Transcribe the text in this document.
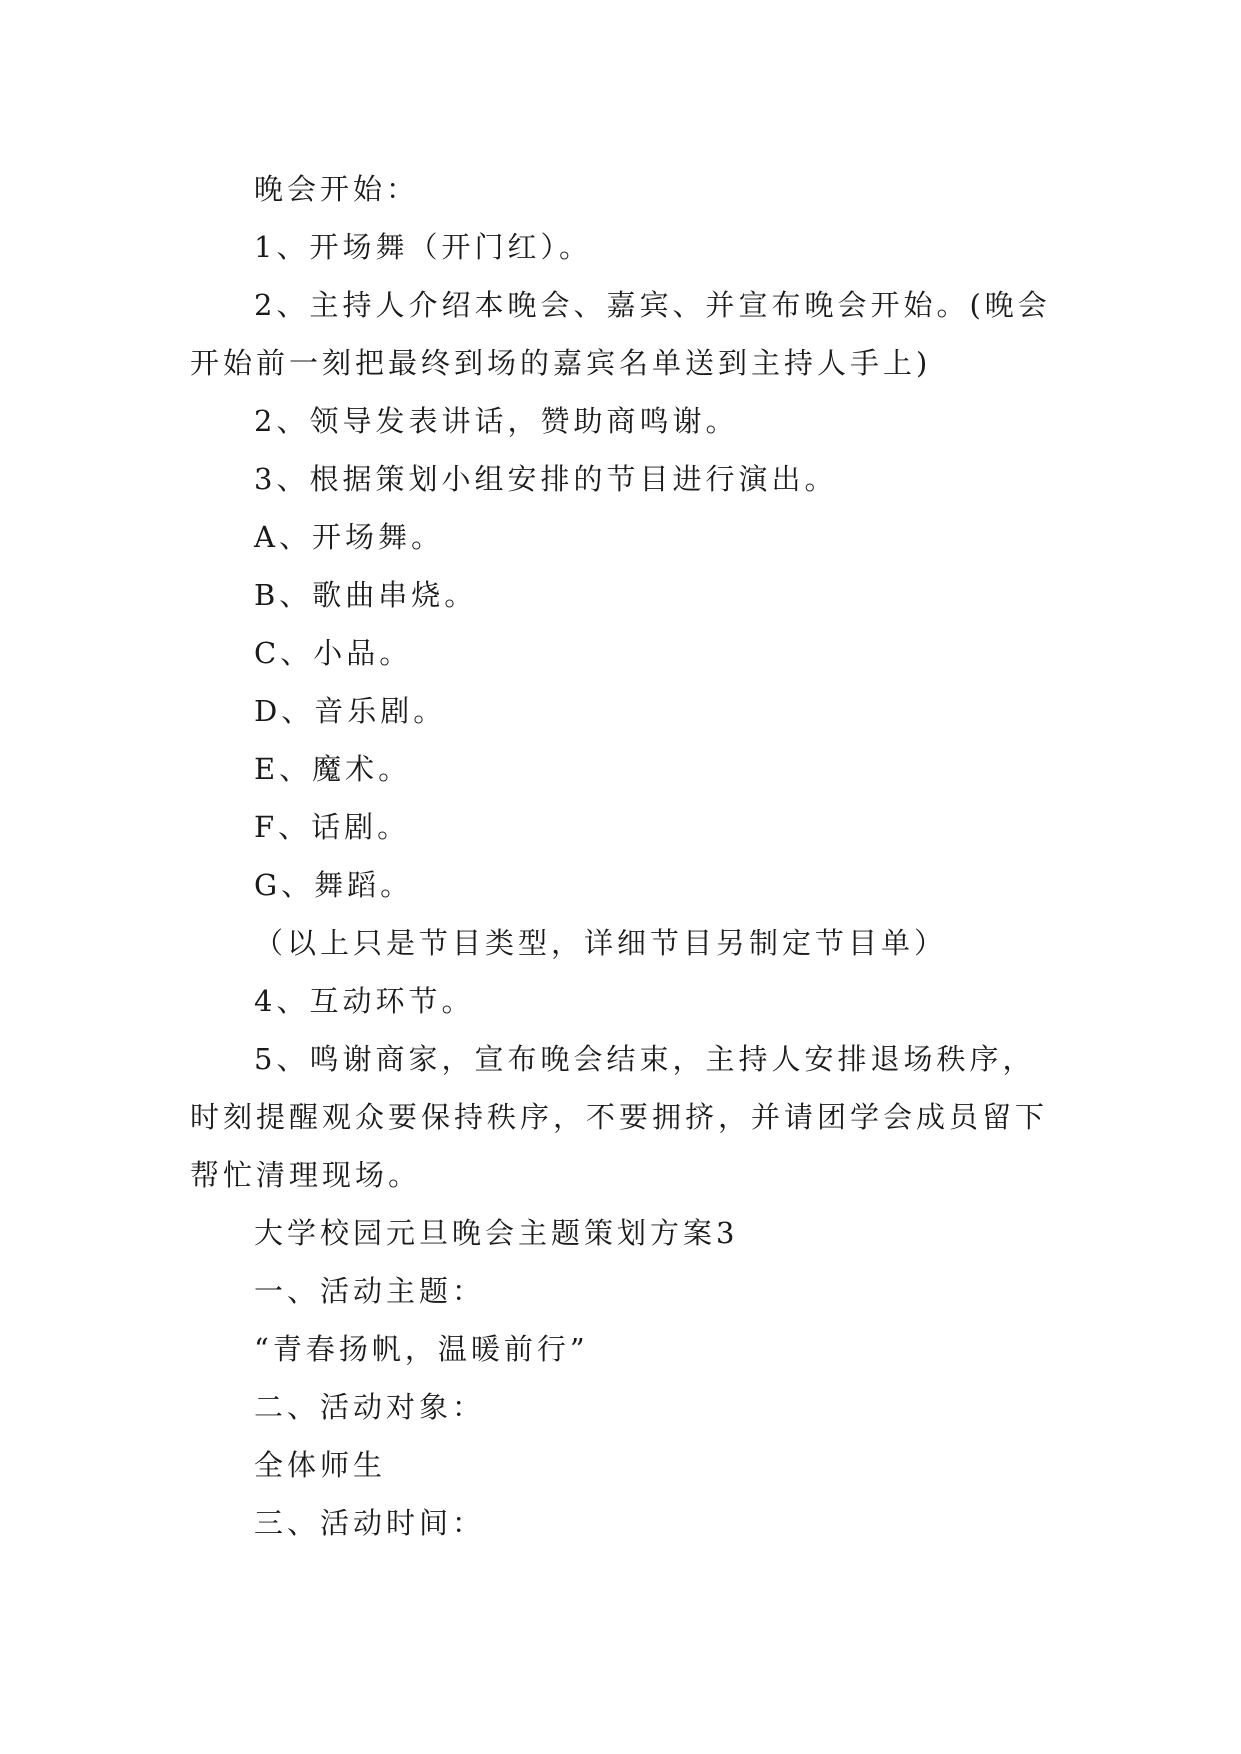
晚会开始：

1、开场舞（开门红）。

2、主持人介绍本晚会、嘉宾、并宣布晚会开始。(晚会开始前一刻把最终到场的嘉宾名单送到主持人手上)

2、领导发表讲话，赞助商鸣谢。

3、根据策划小组安排的节目进行演出。

A、开场舞。

B、歌曲串烧。

C、小品。

D、音乐剧。

E、魔术。

F、话剧。

G、舞蹈。

（以上只是节目类型，详细节目另制定节目单）

4、互动环节。

5、鸣谢商家，宣布晚会结束，主持人安排退场秩序，时刻提醒观众要保持秩序，不要拥挤，并请团学会成员留下帮忙清理现场。

大学校园元旦晚会主题策划方案3

一、活动主题：

“青春扬帆，温暖前行”

二、活动对象：

全体师生

三、活动时间：
